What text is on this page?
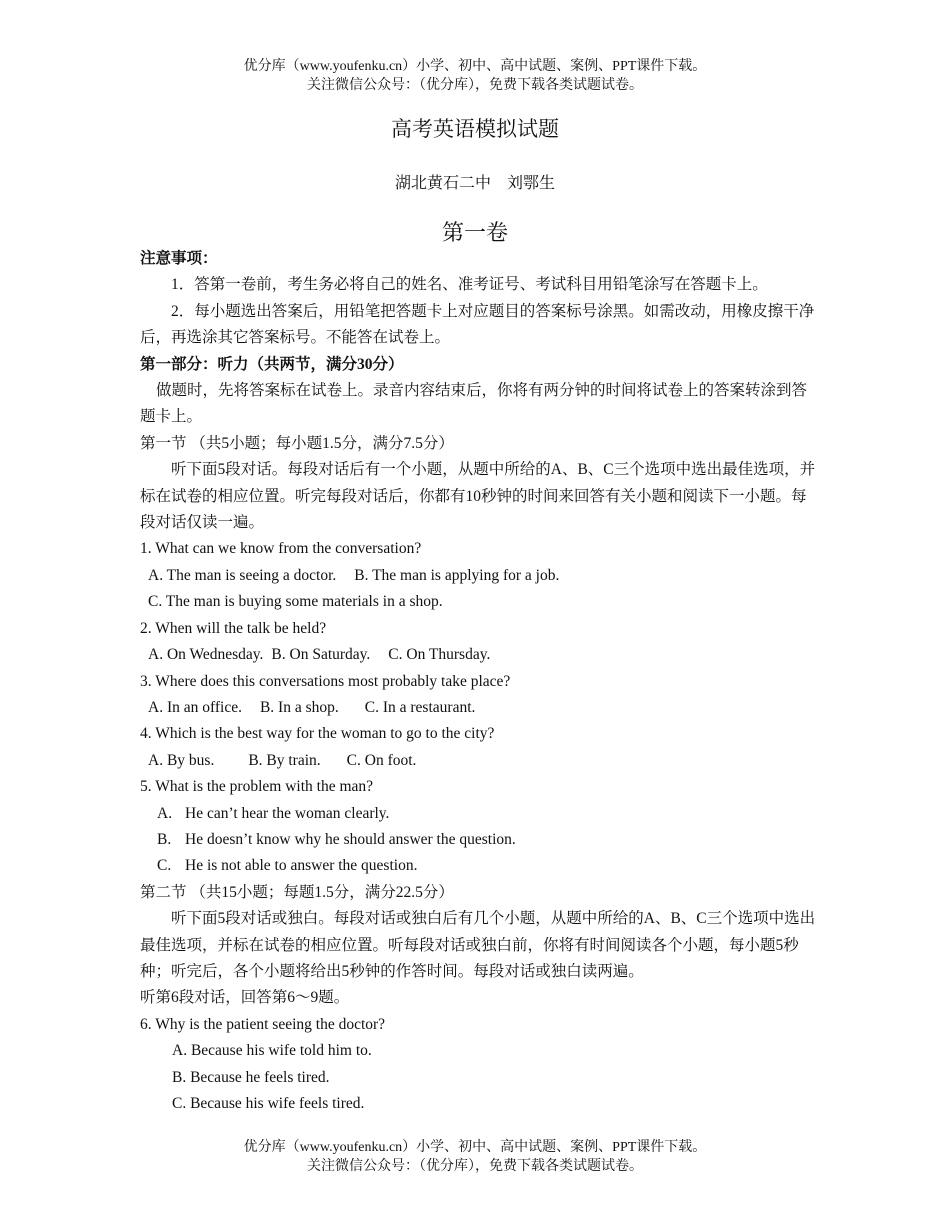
优分库（www.youfenku.cn）小学、初中、高中试题、案例、PPT课件下载。
关注微信公众号：（优分库），免费下载各类试题试卷。
高考英语模拟试题
湖北黄石二中　刘鄂生
第一卷

注意事项：

1．答第一卷前，考生务必将自己的姓名、准考证号、考试科目用铅笔涂写在答题卡上。

2．每小题选出答案后，用铅笔把答题卡上对应题目的答案标号涂黑。如需改动，用橡皮擦干净后，再选涂其它答案标号。不能答在试卷上。

第一部分：听力（共两节，满分30分）

做题时，先将答案标在试卷上。录音内容结束后，你将有两分钟的时间将试卷上的答案转涂到答题卡上。

第一节 （共5小题；每小题1.5分，满分7.5分）

听下面5段对话。每段对话后有一个小题，从题中所给的A、B、C三个选项中选出最佳选项，并标在试卷的相应位置。听完每段对话后，你都有10秒钟的时间来回答有关小题和阅读下一小题。每段对话仅读一遍。

1. What can we know from the conversation?

A. The man is seeing a doctor. B. The man is applying for a job.

C. The man is buying some materials in a shop.

2. When will the talk be held?

A. On Wednesday. B. On Saturday. C. On Thursday.

3. Where does this conversations most probably take place?

A. In an office. B. In a shop. C. In a restaurant.

4. Which is the best way for the woman to go to the city?

A. By bus. B. By train. C. On foot.

5. What is the problem with the man?

A. He can’t hear the woman clearly.

B. He doesn’t know why he should answer the question.

C. He is not able to answer the question.

第二节 （共15小题；每题1.5分，满分22.5分）

听下面5段对话或独白。每段对话或独白后有几个小题，从题中所给的A、B、C三个选项中选出最佳选项，并标在试卷的相应位置。听每段对话或独白前，你将有时间阅读各个小题，每小题5秒种；听完后，各个小题将给出5秒钟的作答时间。每段对话或独白读两遍。

听第6段对话，回答第6～9题。

6. Why is the patient seeing the doctor?

A. Because his wife told him to.

B. Because he feels tired.

C. Because his wife feels tired.

优分库（www.youfenku.cn）小学、初中、高中试题、案例、PPT课件下载。
关注微信公众号：（优分库），免费下载各类试题试卷。
